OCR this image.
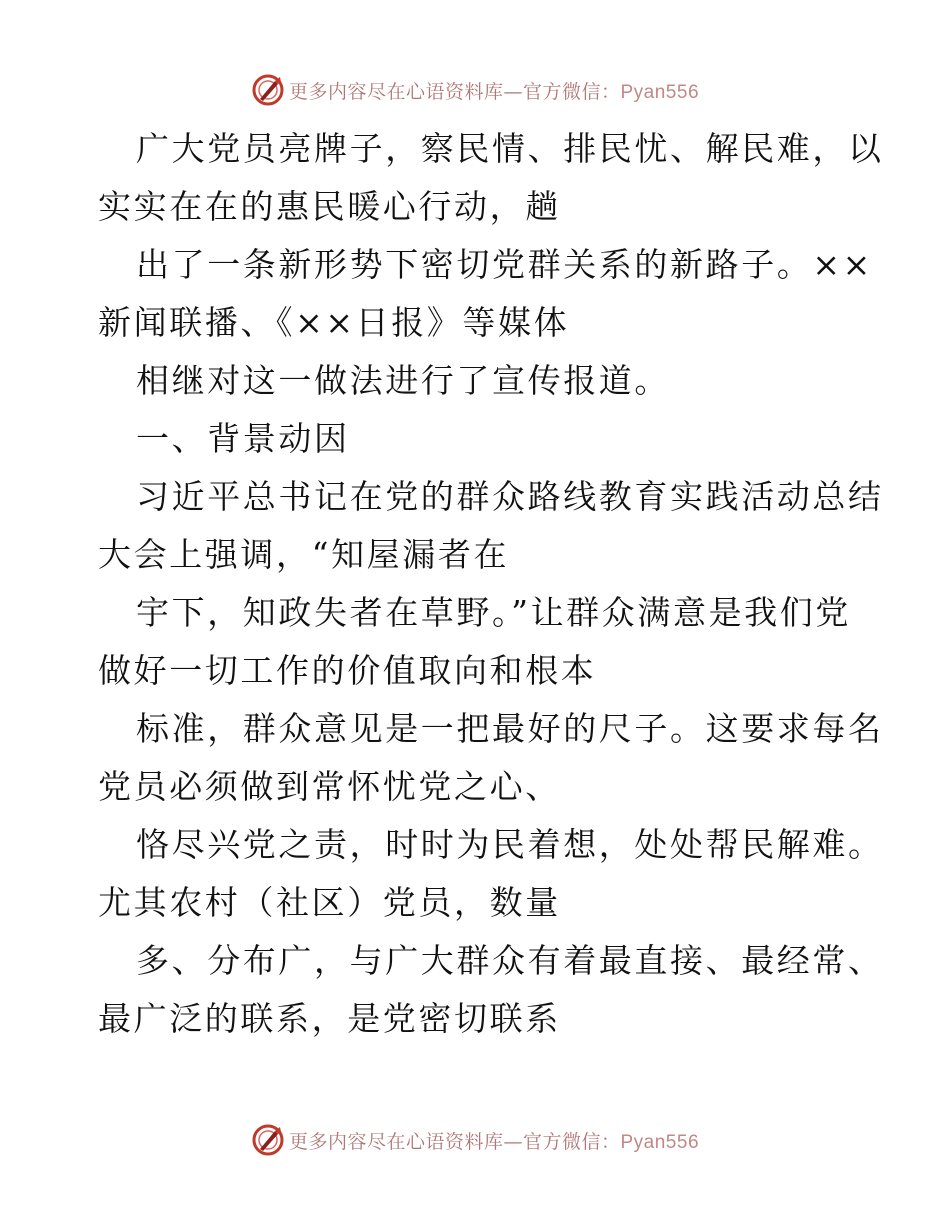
更多内容尽在心语资料库—官方微信：Pyan556

广大党员亮牌子，察民情、排民忧、解民难，以
实实在在的惠民暖心行动，趟

出了一条新形势下密切党群关系的新路子。××
新闻联播、《××日报》等媒体

相继对这一做法进行了宣传报道。

一、背景动因

习近平总书记在党的群众路线教育实践活动总结
大会上强调，“知屋漏者在

宇下，知政失者在草野。”让群众满意是我们党
做好一切工作的价值取向和根本

标准，群众意见是一把最好的尺子。这要求每名
党员必须做到常怀忧党之心、

恪尽兴党之责，时时为民着想，处处帮民解难。
尤其农村（社区）党员，数量

多、分布广，与广大群众有着最直接、最经常、
最广泛的联系，是党密切联系

更多内容尽在心语资料库—官方微信：Pyan556
